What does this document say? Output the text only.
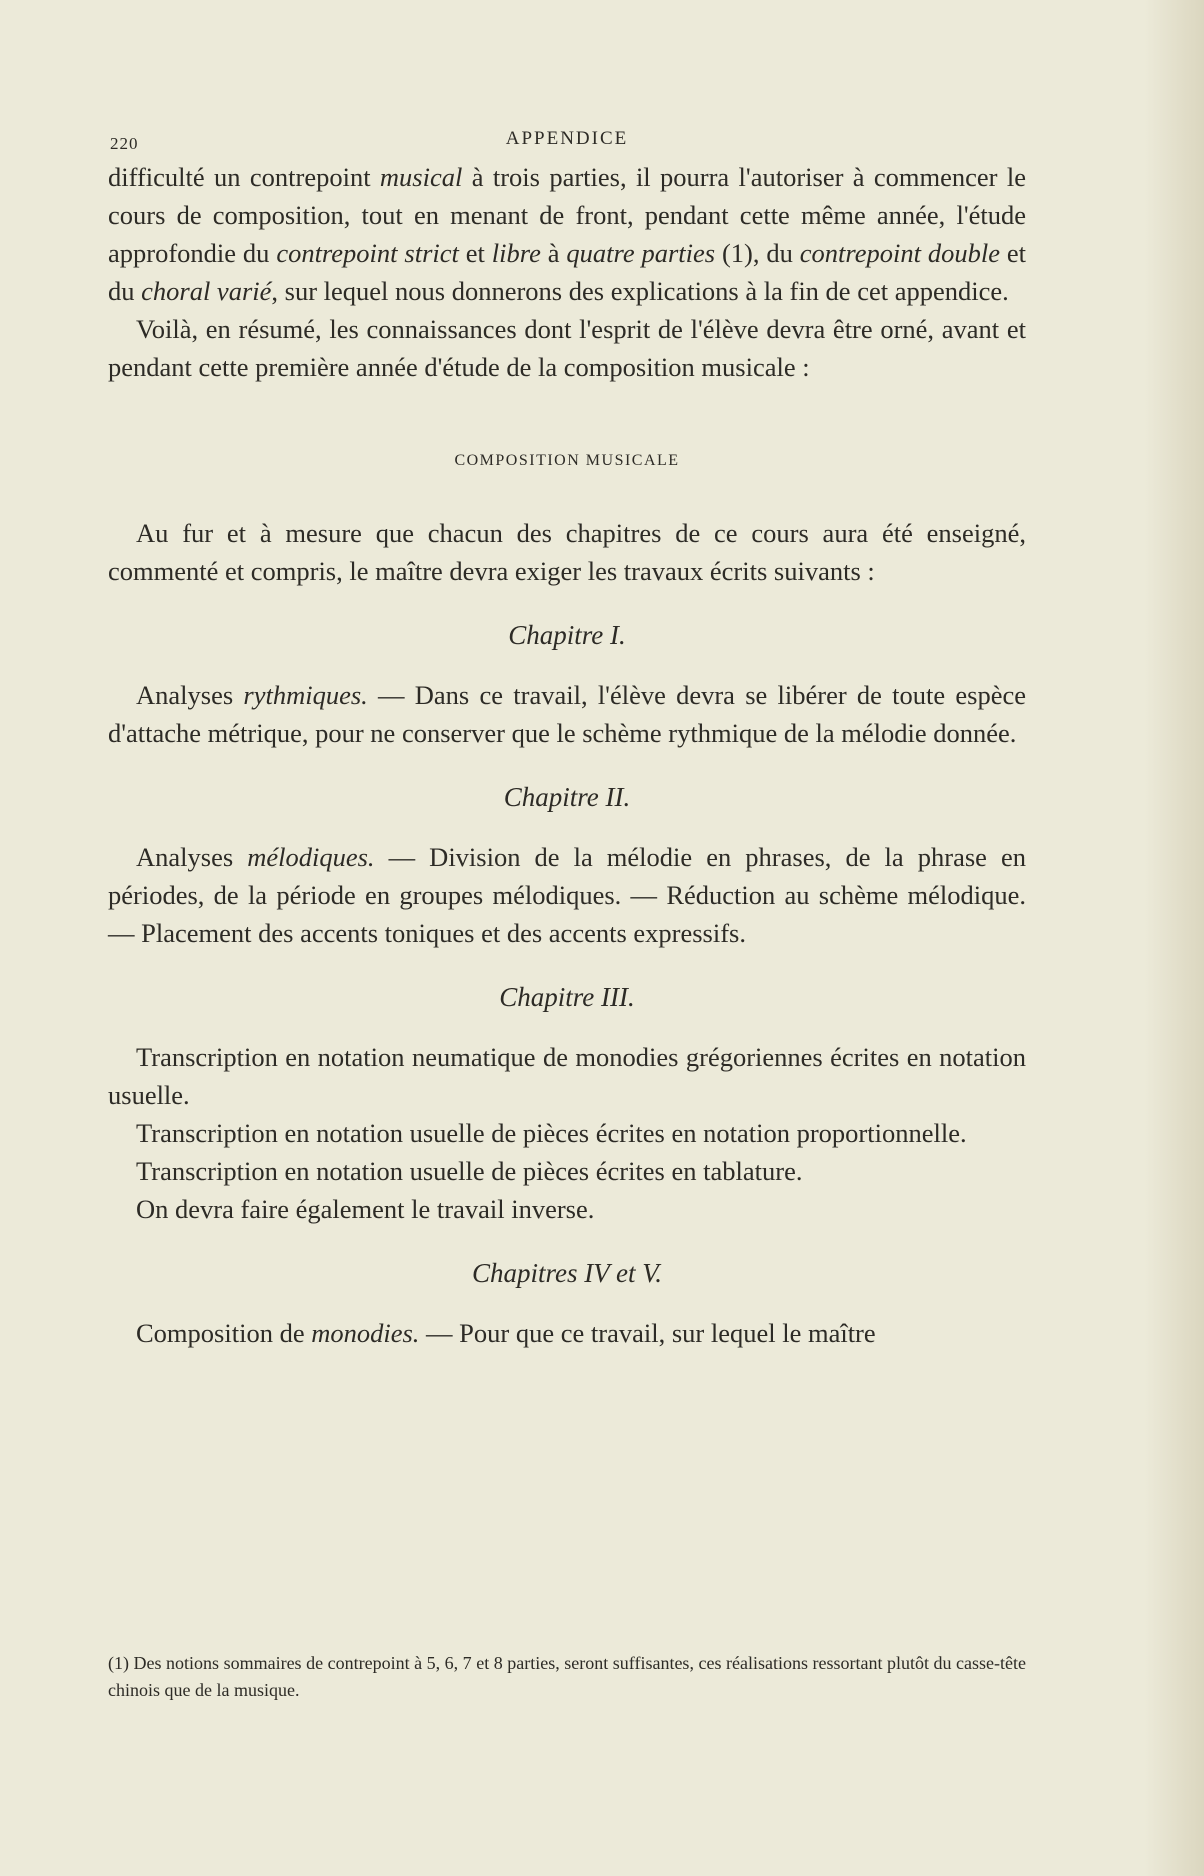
220	APPENDICE

difficulté un contrepoint musical à trois parties, il pourra l'autoriser à commencer le cours de composition, tout en menant de front, pendant cette même année, l'étude approfondie du contrepoint strict et libre à quatre parties (1), du contrepoint double et du choral varié, sur lequel nous donnerons des explications à la fin de cet appendice.

Voilà, en résumé, les connaissances dont l'esprit de l'élève devra être orné, avant et pendant cette première année d'étude de la composition musicale :

COMPOSITION MUSICALE

Au fur et à mesure que chacun des chapitres de ce cours aura été enseigné, commenté et compris, le maître devra exiger les travaux écrits suivants :

Chapitre I.

Analyses rythmiques. — Dans ce travail, l'élève devra se libérer de toute espèce d'attache métrique, pour ne conserver que le schème rythmique de la mélodie donnée.

Chapitre II.

Analyses mélodiques. — Division de la mélodie en phrases, de la phrase en périodes, de la période en groupes mélodiques. — Réduction au schème mélodique. — Placement des accents toniques et des accents expressifs.

Chapitre III.

Transcription en notation neumatique de monodies grégoriennes écrites en notation usuelle.

Transcription en notation usuelle de pièces écrites en notation proportionnelle.

Transcription en notation usuelle de pièces écrites en tablature.

On devra faire également le travail inverse.

Chapitres IV et V.

Composition de monodies. — Pour que ce travail, sur lequel le maître

(1) Des notions sommaires de contrepoint à 5, 6, 7 et 8 parties, seront suffisantes, ces réalisations ressortant plutôt du casse-tête chinois que de la musique.
